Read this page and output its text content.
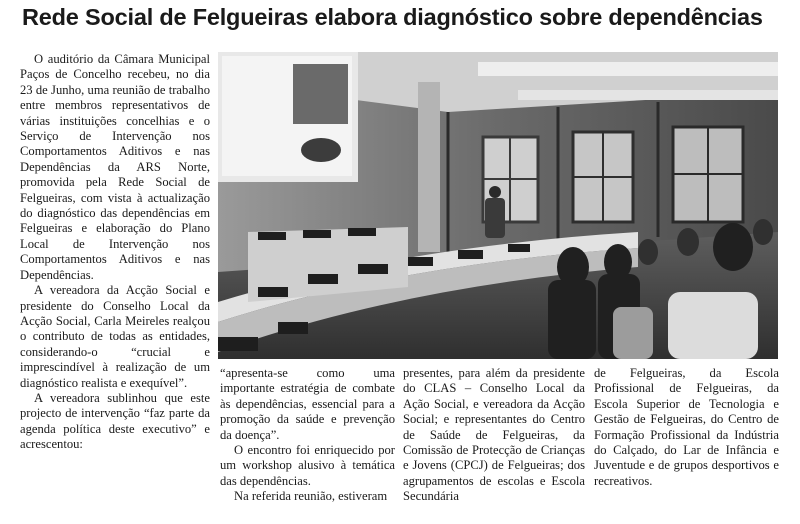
Rede Social de Felgueiras elabora diagnóstico sobre dependências

O auditório da Câmara Municipal Paços de Concelho recebeu, no dia 23 de Junho, uma reunião de trabalho entre membros representativos de várias instituições concelhias e o Serviço de Intervenção nos Comportamentos Aditivos e nas Dependências da ARS Norte, promovida pela Rede Social de Felgueiras, com vista à actualização do diagnóstico das dependências em Felgueiras e elaboração do Plano Local de Intervenção nos Comportamentos Aditivos e nas Dependências.

A vereadora da Acção Social e presidente do Conselho Local da Acção Social, Carla Meireles realçou o contributo de todas as entidades, considerando-o “crucial e imprescindível à realização de um diagnóstico realista e exequível”.

A vereadora sublinhou que este projecto de intervenção “faz parte da agenda política deste executivo” e acrescentou:

“apresenta-se como uma importante estratégia de combate às dependências, essencial para a promoção da saúde e prevenção da doença”.

O encontro foi enriquecido por um workshop alusivo à temática das dependências.

Na referida reunião, estiveram

presentes, para além da presidente do CLAS – Conselho Local da Ação Social, e vereadora da Acção Social; e representantes do Centro de Saúde de Felgueiras, da Comissão de Protecção de Crianças e Jovens (CPCJ) de Felgueiras; dos agrupamentos de escolas e Escola Secundária

de Felgueiras, da Escola Profissional de Felgueiras, da Escola Superior de Tecnologia e Gestão de Felgueiras, do Centro de Formação Profissional da Indústria do Calçado, do Lar de Infância e Juventude e de grupos desportivos e recreativos.
